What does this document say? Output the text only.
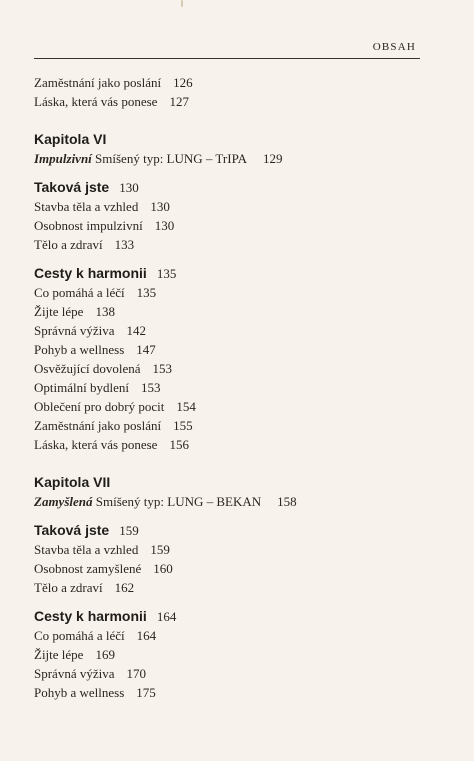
OBSAH
Zaměstnání jako poslání 126
Láska, která vás ponese 127
Kapitola VI
Impulzivní Smíšený typ: LUNG – TrIPA 129
Taková jste 130
Stavba těla a vzhled 130
Osobnost impulzivní 130
Tělo a zdraví 133
Cesty k harmonii 135
Co pomáhá a léčí 135
Žijte lépe 138
Správná výživa 142
Pohyb a wellness 147
Osvěžující dovolená 153
Optimální bydlení 153
Oblečení pro dobrý pocit 154
Zaměstnání jako poslání 155
Láska, která vás ponese 156
Kapitola VII
Zamyšlená Smíšený typ: LUNG – BEKAN 158
Taková jste 159
Stavba těla a vzhled 159
Osobnost zamyšlené 160
Tělo a zdraví 162
Cesty k harmonii 164
Co pomáhá a léčí 164
Žijte lépe 169
Správná výživa 170
Pohyb a wellness 175
